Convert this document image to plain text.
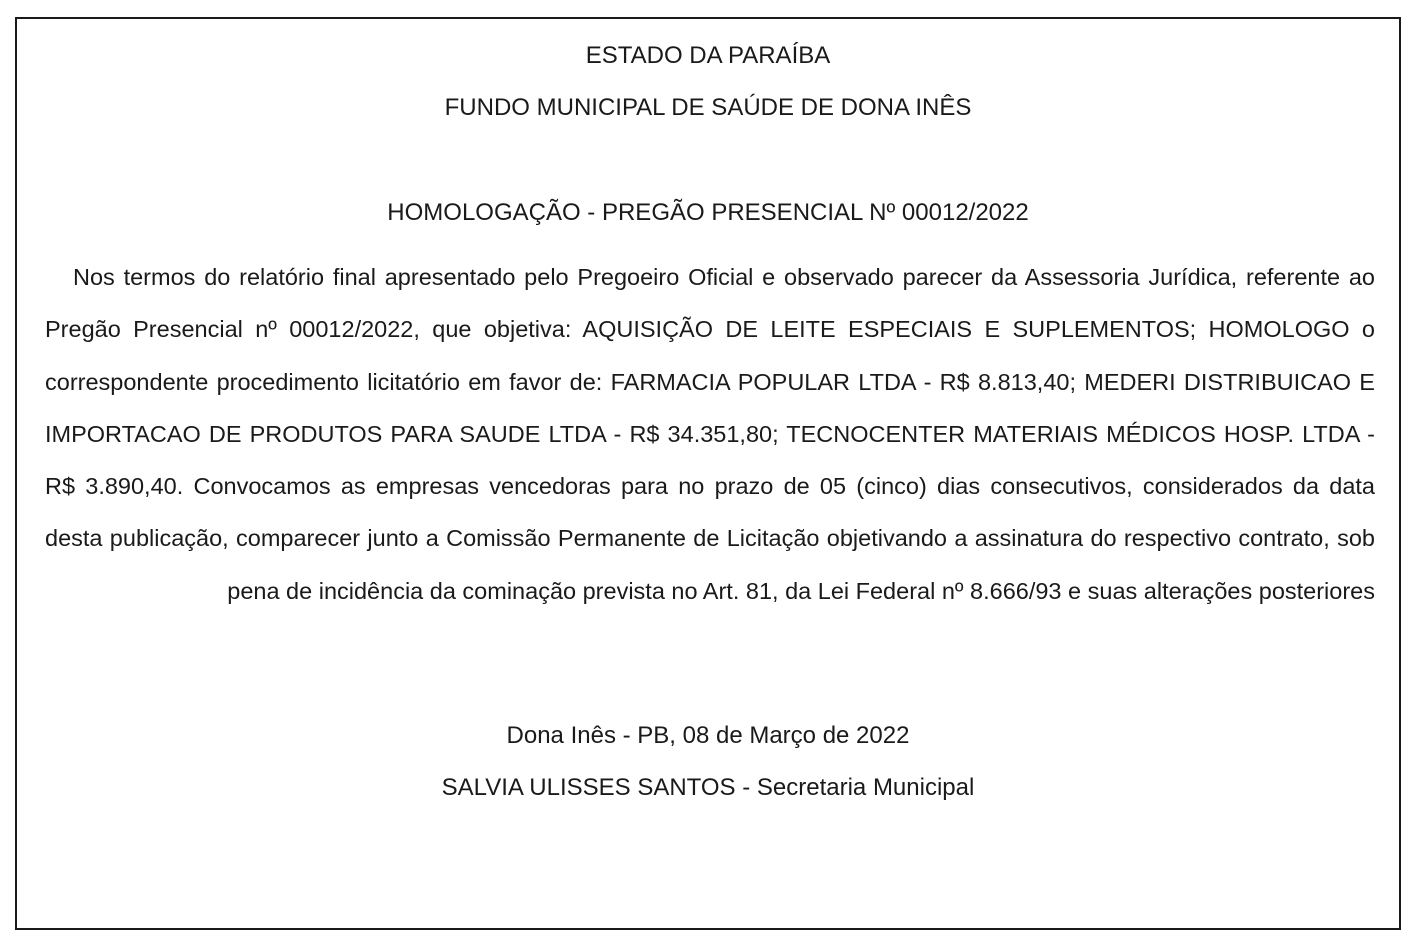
ESTADO DA PARAÍBA
FUNDO MUNICIPAL DE SAÚDE DE DONA INÊS
HOMOLOGAÇÃO - PREGÃO PRESENCIAL Nº 00012/2022

Nos termos do relatório final apresentado pelo Pregoeiro Oficial e observado parecer da Assessoria Jurídica, referente ao Pregão Presencial nº 00012/2022, que objetiva: AQUISIÇÃO DE LEITE ESPECIAIS E SUPLEMENTOS; HOMOLOGO o correspondente procedimento licitatório em favor de: FARMACIA POPULAR LTDA - R$ 8.813,40; MEDERI DISTRIBUICAO E IMPORTACAO DE PRODUTOS PARA SAUDE LTDA - R$ 34.351,80; TECNOCENTER MATERIAIS MÉDICOS HOSP. LTDA - R$ 3.890,40. Convocamos as empresas vencedoras para no prazo de 05 (cinco) dias consecutivos, considerados da data desta publicação, comparecer junto a Comissão Permanente de Licitação objetivando a assinatura do respectivo contrato, sob pena de incidência da cominação prevista no Art. 81, da Lei Federal nº 8.666/93 e suas alterações posteriores

Dona Inês - PB, 08 de Março de 2022
SALVIA ULISSES SANTOS - Secretaria Municipal
